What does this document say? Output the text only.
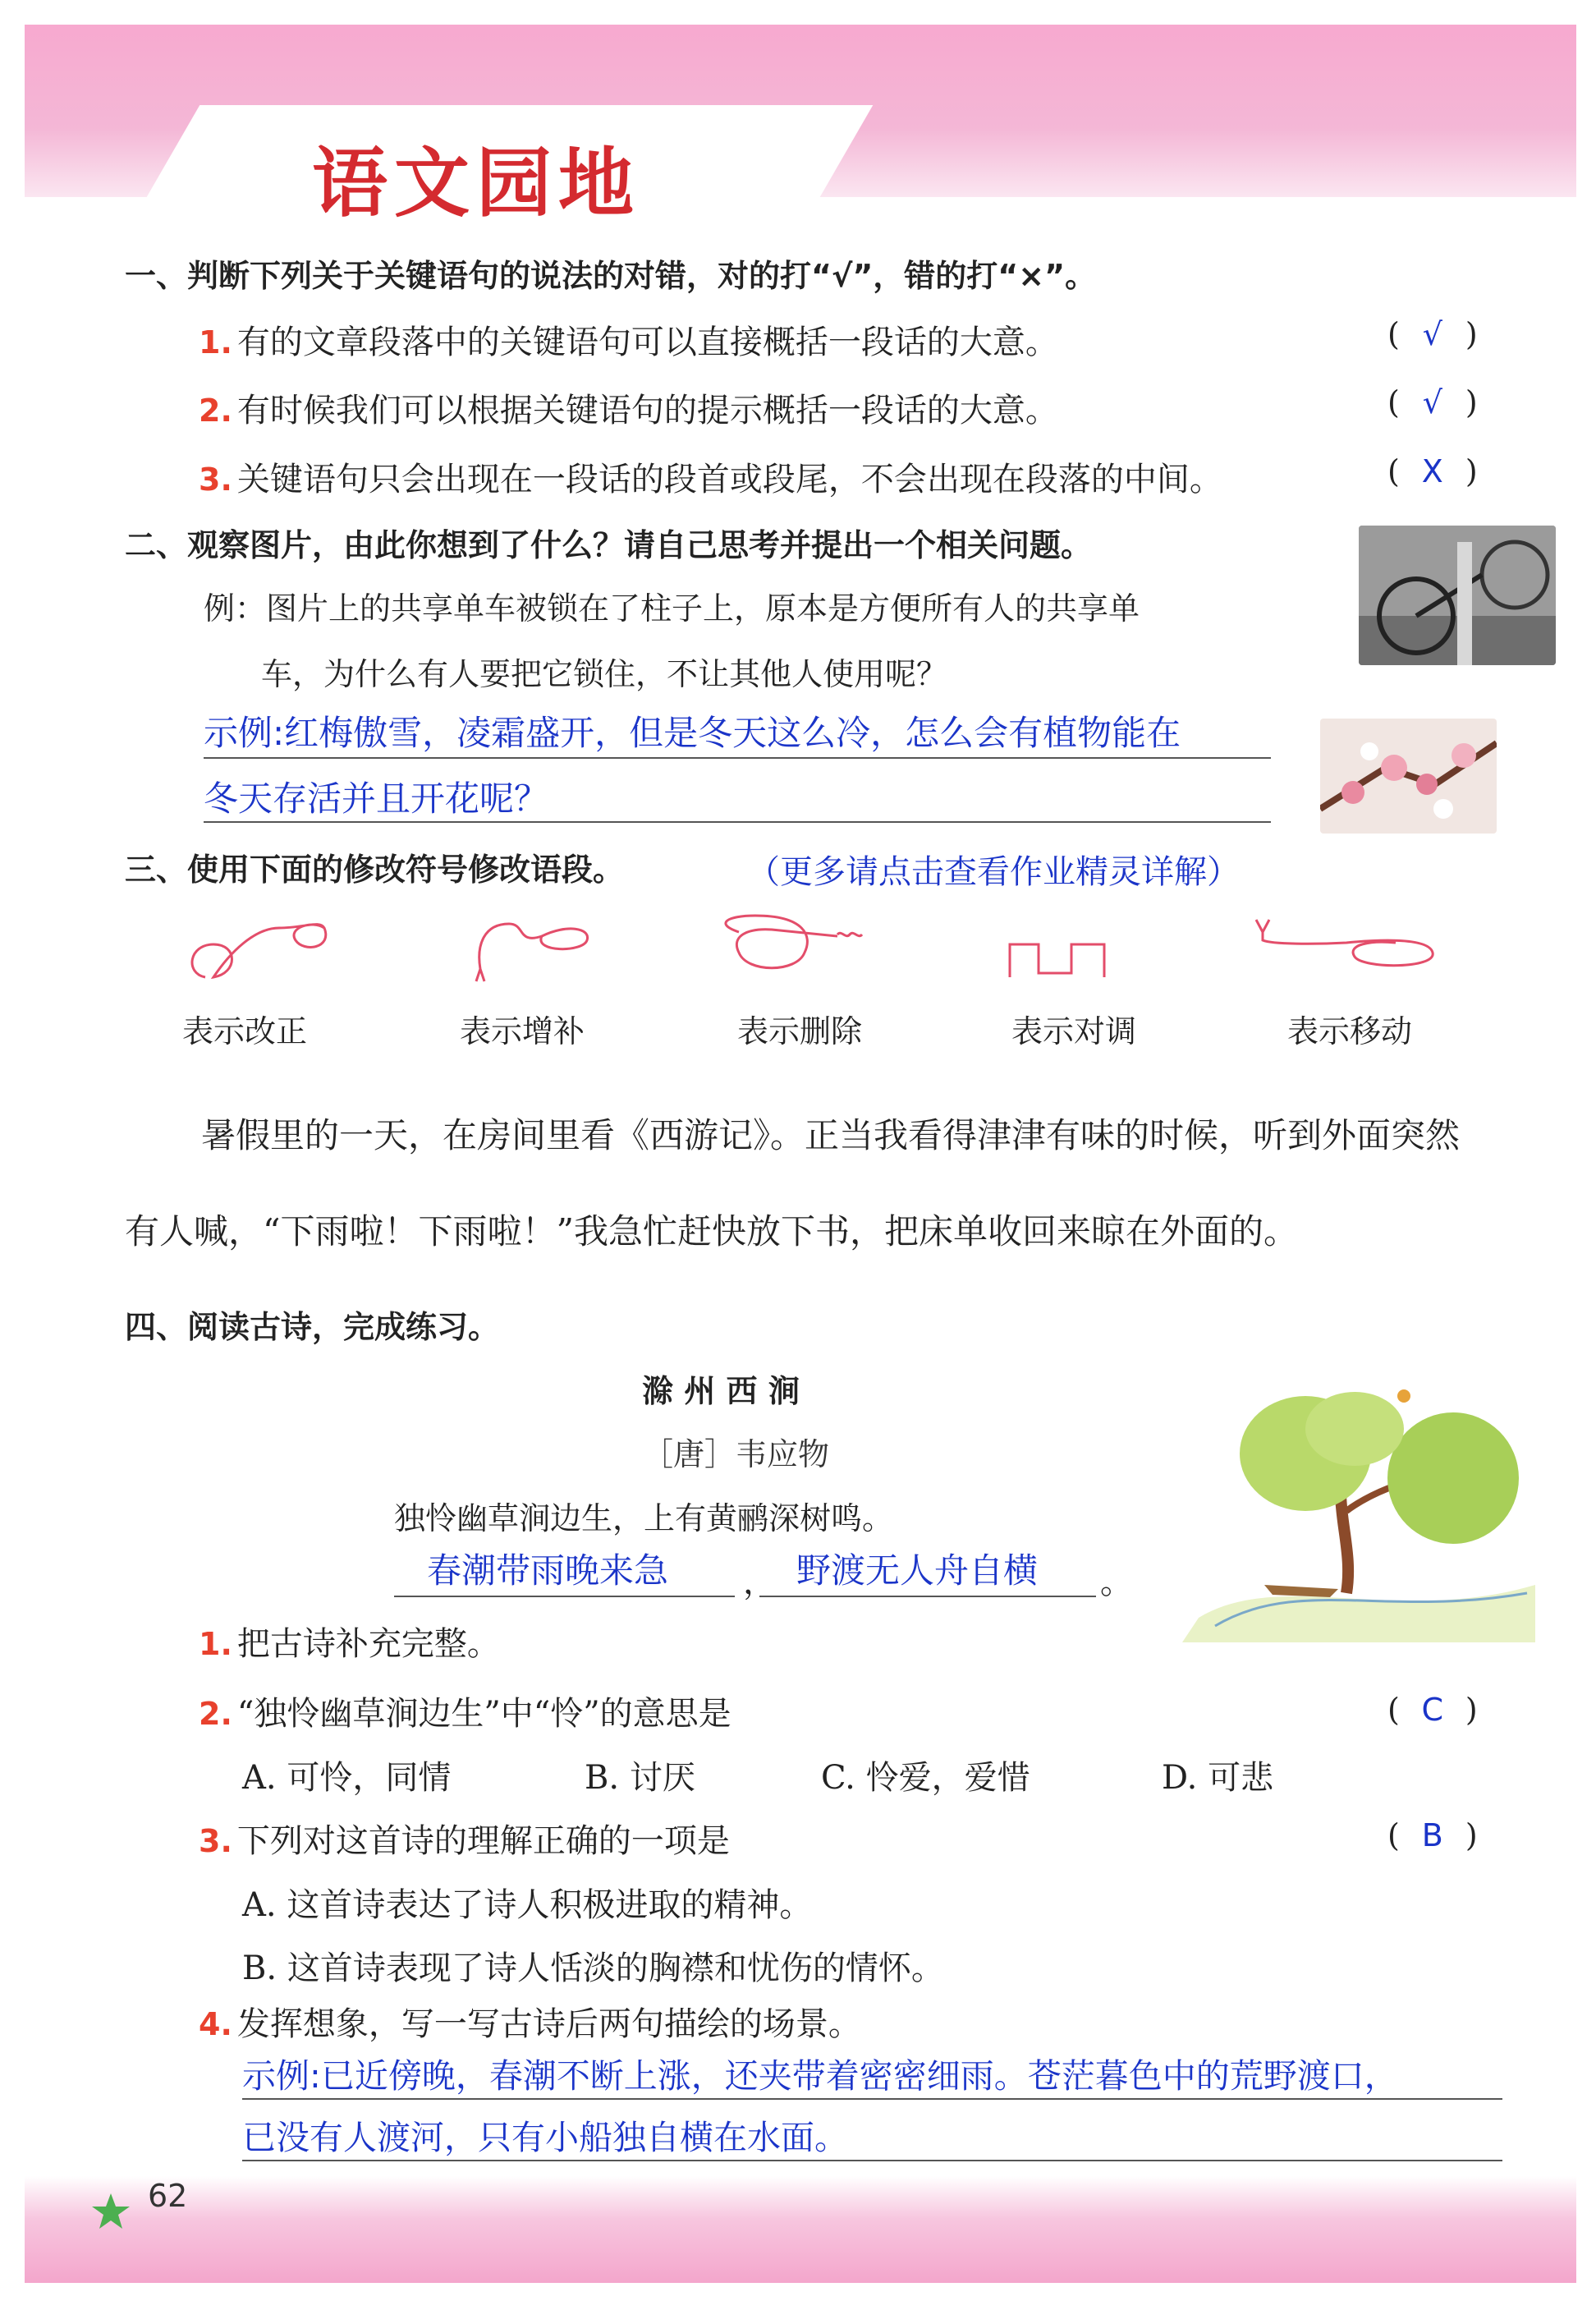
语文园地
一、判断下列关于关键语句的说法的对错，对的打“√”，错的打“×”。
1. 有的文章段落中的关键语句可以直接概括一段话的大意。	( √ )
2. 有时候我们可以根据关键语句的提示概括一段话的大意。	( √ )
3. 关键语句只会出现在一段话的段首或段尾，不会出现在段落的中间。	( X )
二、观察图片，由此你想到了什么？请自己思考并提出一个相关问题。
例：图片上的共享单车被锁在了柱子上，原本是方便所有人的共享单
车，为什么有人要把它锁住，不让其他人使用呢？
示例:红梅傲雪，凌霜盛开，但是冬天这么冷，怎么会有植物能在
冬天存活并且开花呢？
三、使用下面的修改符号修改语段。	（更多请点击查看作业精灵详解）
表示改正	表示增补	表示删除	表示对调	表示移动
暑假里的一天，在房间里看《西游记》。正当我看得津津有味的时候，听到外面突然
有人喊，“下雨啦！下雨啦！”我急忙赶快放下书，把床单收回来晾在外面的。
四、阅读古诗，完成练习。
滁 州 西 涧
［唐］韦应物
独怜幽草涧边生，上有黄鹂深树鸣。
春潮带雨晚来急 ， 野渡无人舟自横 。
1. 把古诗补充完整。
2. “独怜幽草涧边生”中“怜”的意思是	( C )
A. 可怜，同情	B. 讨厌	C. 怜爱，爱惜	D. 可悲
3. 下列对这首诗的理解正确的一项是	( B )
A. 这首诗表达了诗人积极进取的精神。
B. 这首诗表现了诗人恬淡的胸襟和忧伤的情怀。
4. 发挥想象，写一写古诗后两句描绘的场景。
示例:已近傍晚，春潮不断上涨，还夹带着密密细雨。苍茫暮色中的荒野渡口，
已没有人渡河，只有小船独自横在水面。
62
